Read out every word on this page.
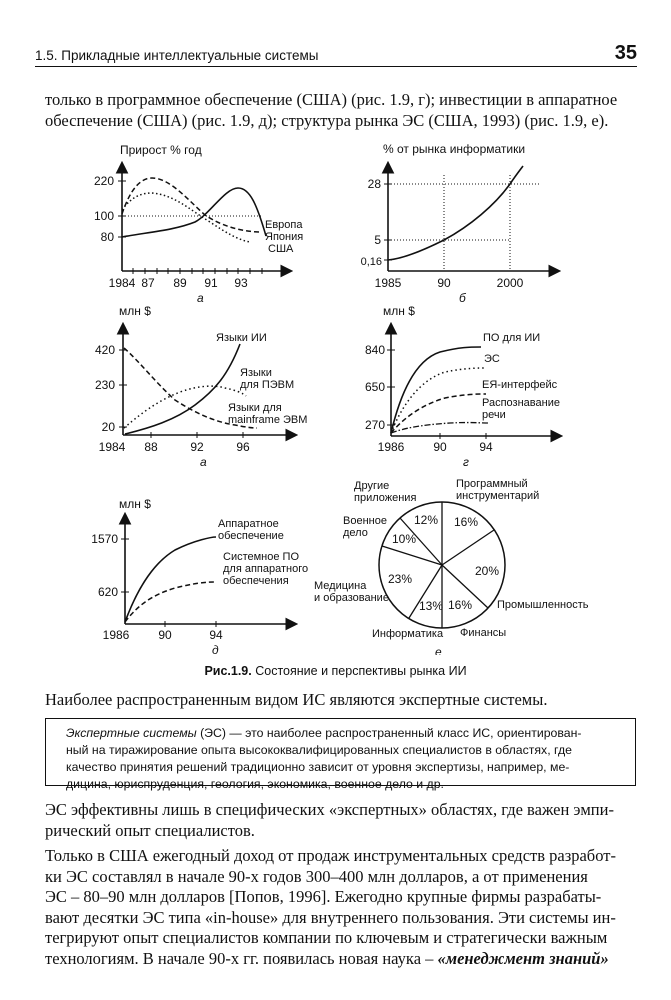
1.5. Прикладные интеллектуальные системы	35
только в программное обеспечение (США) (рис. 1.9, г); инвестиции в аппаратное
обеспечение (США) (рис. 1.9, д); структура рынка ЭС (США, 1993) (рис. 1.9, е).
Прирост % год
220
100
80
1984 87 89 91 93
Европа
Япония
США
а
% от рынка информатики
28
5
0,16
1985	90	2000
б
млн $
420
230
20
1984 88	92	96
Языки ИИ
Языки
для ПЭВМ
Языки для
mainframe ЭВМ
а
млн $
840
650
270
1986 90	94
ПО для ИИ
ЭС
ЕЯ-интерфейс
Распознавание
речи
г
млн $
1570
620
1986 90	94
Аппаратное
обеспечение
Системное ПО
для аппаратного
обеспечения
д
16%
20%
16%
13%
23%
10%
12%
Программный
инструментарий
Другие
приложения
Военное
дело
Медицина
и образование
Промышленность
Финансы
Информатика
е
Рис.1.9. Состояние и перспективы рынка ИИ
Наиболее распространенным видом ИС являются экспертные системы.
Экспертные системы (ЭС) — это наиболее распространенный класс ИС, ориентирован-
ный на тиражирование опыта высококвалифицированных специалистов в областях, где
качество принятия решений традиционно зависит от уровня экспертизы, например, ме-
дицина, юриспруденция, геология, экономика, военное дело и др.
ЭС эффективны лишь в специфических «экспертных» областях, где важен эмпи-
рический опыт специалистов.
Только в США ежегодный доход от продаж инструментальных средств разработ-
ки ЭС составлял в начале 90-х годов 300–400 млн долларов, а от применения
ЭС – 80–90 млн долларов [Попов, 1996]. Ежегодно крупные фирмы разрабаты-
вают десятки ЭС типа «in-house» для внутреннего пользования. Эти системы ин-
тегрируют опыт специалистов компании по ключевым и стратегически важным
технологиям. В начале 90-х гг. появилась новая наука – «менеджмент знаний»
